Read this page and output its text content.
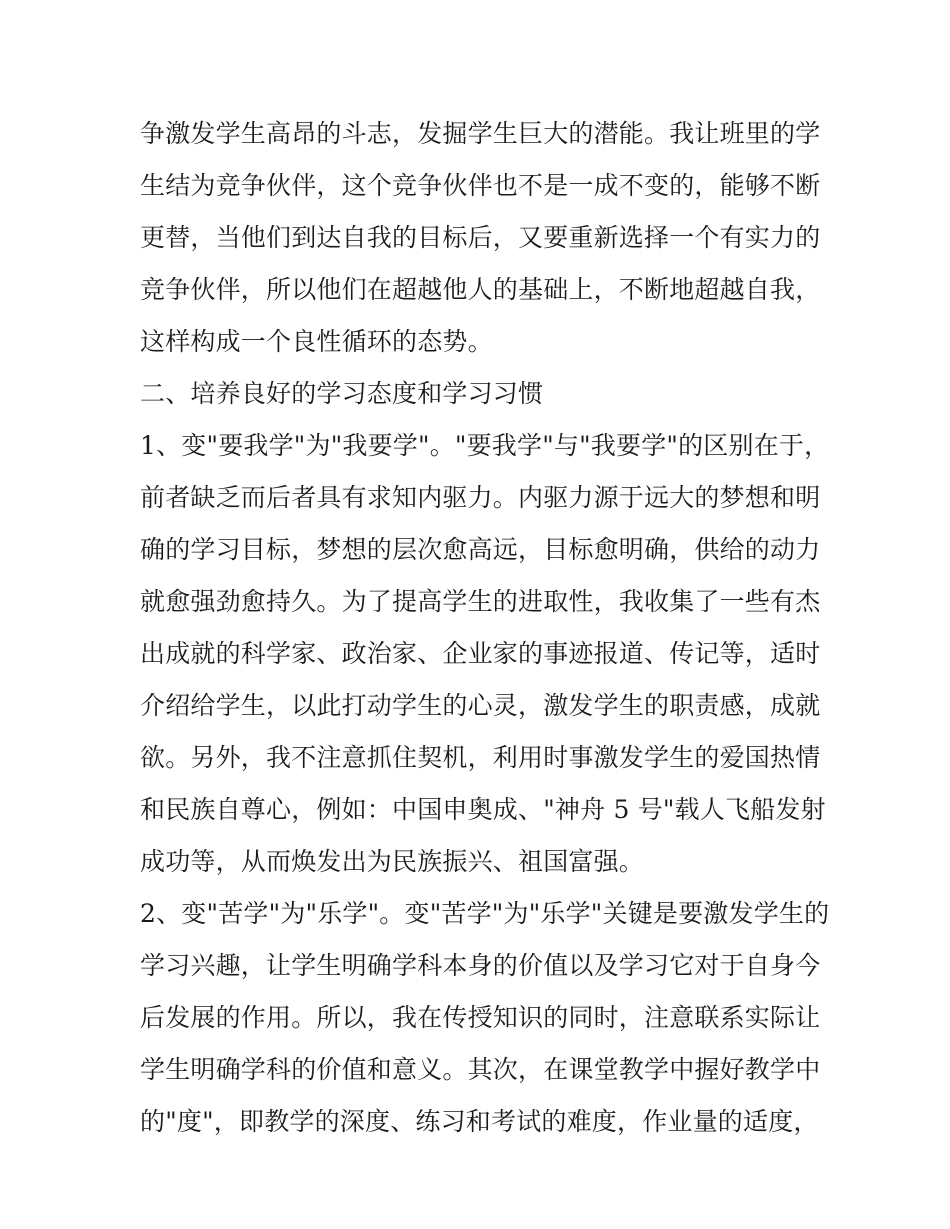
争激发学生高昂的斗志，发掘学生巨大的潜能。我让班里的学
生结为竞争伙伴，这个竞争伙伴也不是一成不变的，能够不断
更替，当他们到达自我的目标后，又要重新选择一个有实力的
竞争伙伴，所以他们在超越他人的基础上，不断地超越自我，
这样构成一个良性循环的态势。
二、培养良好的学习态度和学习习惯
1、变"要我学"为"我要学"。"要我学"与"我要学"的区别在于，
前者缺乏而后者具有求知内驱力。内驱力源于远大的梦想和明
确的学习目标，梦想的层次愈高远，目标愈明确，供给的动力
就愈强劲愈持久。为了提高学生的进取性，我收集了一些有杰
出成就的科学家、政治家、企业家的事迹报道、传记等，适时
介绍给学生，以此打动学生的心灵，激发学生的职责感，成就
欲。另外，我不注意抓住契机，利用时事激发学生的爱国热情
和民族自尊心，例如：中国申奥成、"神舟 5 号"载人飞船发射
成功等，从而焕发出为民族振兴、祖国富强。
2、变"苦学"为"乐学"。变"苦学"为"乐学"关键是要激发学生的
学习兴趣，让学生明确学科本身的价值以及学习它对于自身今
后发展的作用。所以，我在传授知识的同时，注意联系实际让
学生明确学科的价值和意义。其次，在课堂教学中握好教学中
的"度"，即教学的深度、练习和考试的难度，作业量的适度，
